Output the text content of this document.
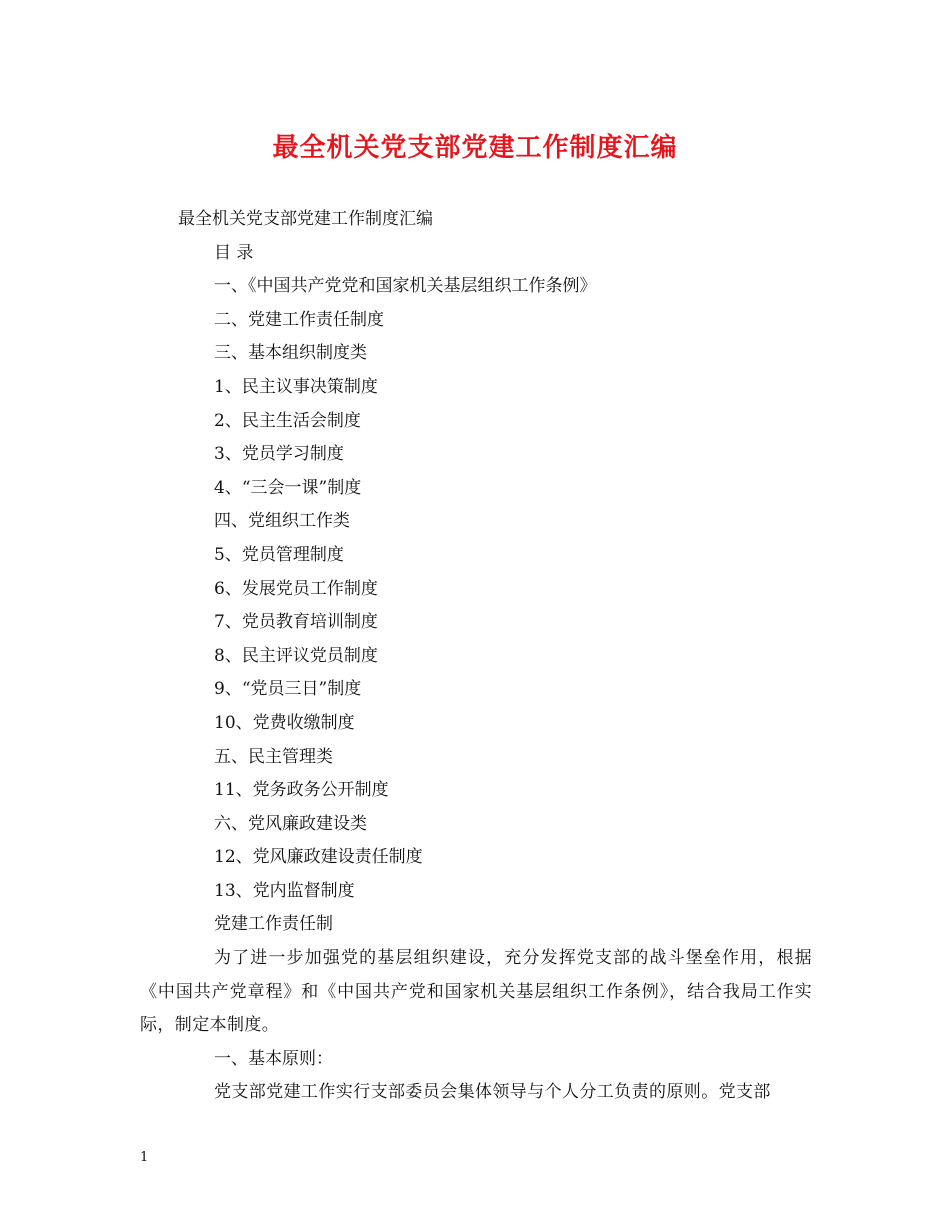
最全机关党支部党建工作制度汇编

最全机关党支部党建工作制度汇编

目 录

一、《中国共产党党和国家机关基层组织工作条例》

二、党建工作责任制度

三、基本组织制度类

1、民主议事决策制度

2、民主生活会制度

3、党员学习制度

4、“三会一课”制度

四、党组织工作类

5、党员管理制度

6、发展党员工作制度

7、党员教育培训制度

8、民主评议党员制度

9、“党员三日”制度

10、党费收缴制度

五、民主管理类

11、党务政务公开制度

六、党风廉政建设类

12、党风廉政建设责任制度

13、党内监督制度

党建工作责任制

为了进一步加强党的基层组织建设，充分发挥党支部的战斗堡垒作用，根据《中国共产党章程》和《中国共产党和国家机关基层组织工作条例》，结合我局工作实际，制定本制度。

一、基本原则：

党支部党建工作实行支部委员会集体领导与个人分工负责的原则。党支部

1
